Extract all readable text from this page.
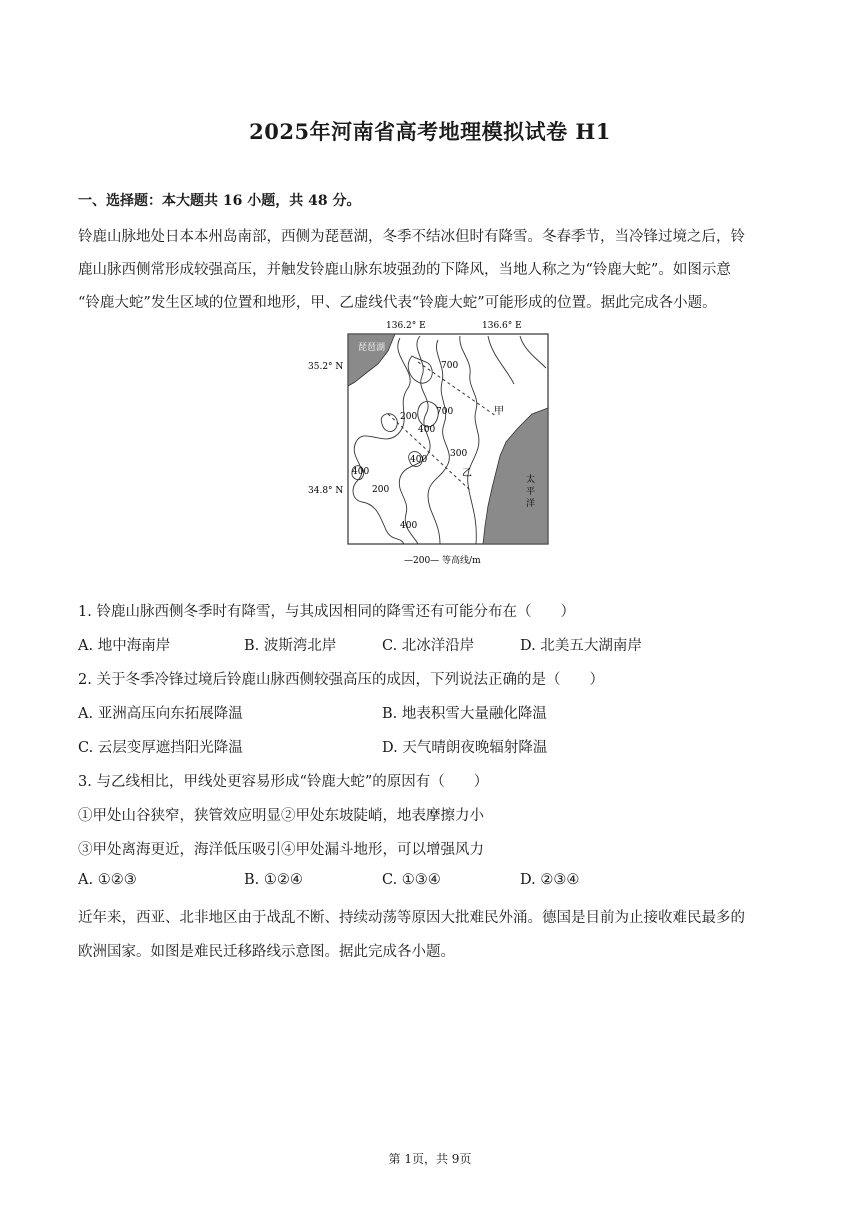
2025年河南省高考地理模拟试卷 H1
一、选择题：本大题共 16 小题，共 48 分。
铃鹿山脉地处日本本州岛南部，西侧为琵琶湖，冬季不结冰但时有降雪。冬春季节，当冷锋过境之后，铃
鹿山脉西侧常形成较强高压，并触发铃鹿山脉东坡强劲的下降风，当地人称之为“铃鹿大蛇”。如图示意
“铃鹿大蛇”发生区域的位置和地形，甲、乙虚线代表“铃鹿大蛇”可能形成的位置。据此完成各小题。
琵琶湖
136.2° E	136.6° E
35.2° N
34.8° N
700
700
200
400
300
400
400
200
400
甲
乙
太
平
洋
—200— 等高线/m
1. 铃鹿山脉西侧冬季时有降雪，与其成因相同的降雪还有可能分布在（　　）
A. 地中海南岸	B. 波斯湾北岸	C. 北冰洋沿岸	D. 北美五大湖南岸
2. 关于冬季冷锋过境后铃鹿山脉西侧较强高压的成因，下列说法正确的是（　　）
A. 亚洲高压向东拓展降温	B. 地表积雪大量融化降温
C. 云层变厚遮挡阳光降温	D. 天气晴朗夜晚辐射降温
3. 与乙线相比，甲线处更容易形成“铃鹿大蛇”的原因有（　　）
①甲处山谷狭窄，狭管效应明显②甲处东坡陡峭，地表摩擦力小
③甲处离海更近，海洋低压吸引④甲处漏斗地形，可以增强风力
A. ①②③	B. ①②④	C. ①③④	D. ②③④
近年来，西亚、北非地区由于战乱不断、持续动荡等原因大批难民外涌。德国是目前为止接收难民最多的
欧洲国家。如图是难民迁移路线示意图。据此完成各小题。
第 1页，共 9页
